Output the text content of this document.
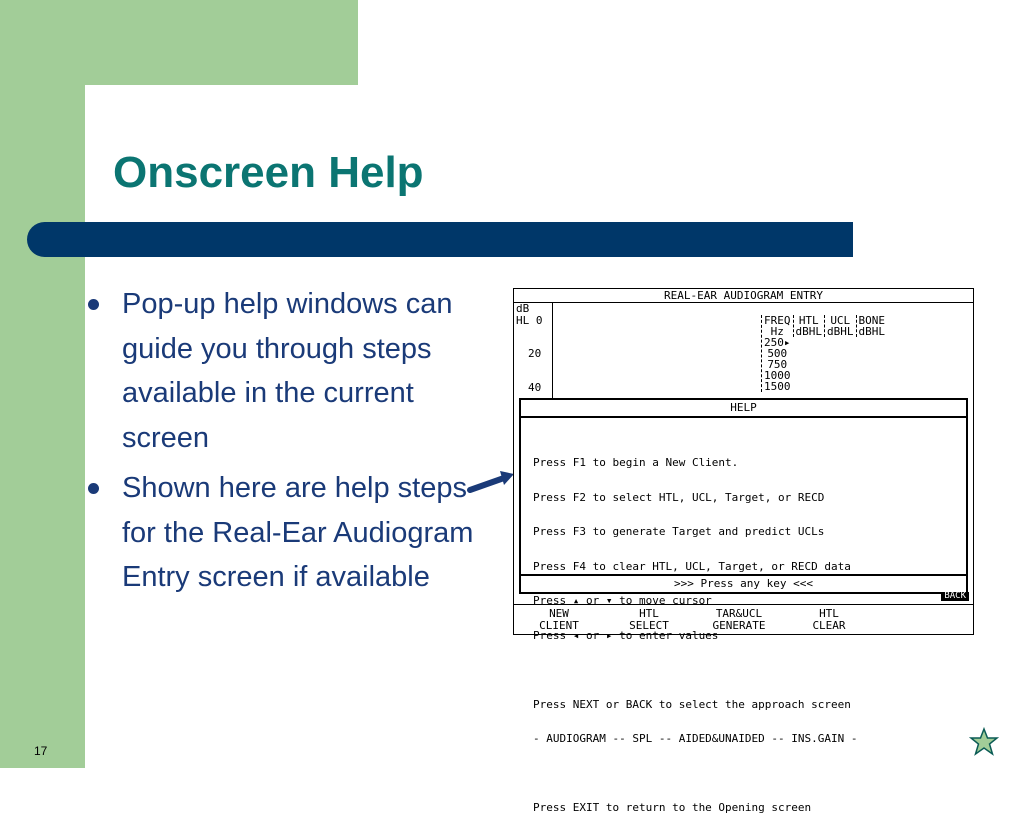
Onscreen Help
Pop-up help windows can guide you through steps available in the current screen
Shown here are help steps for the Real-Ear Audiogram Entry screen if available
REAL-EAR AUDIOGRAM ENTRY
dB
HL 0
20
40
FREQ
Hz
250▸
500
750
1000
1500
HTL
dBHL
UCL
dBHL
BONE
dBHL
HELP

Press F1 to begin a New Client.

Press F2 to select HTL, UCL, Target, or RECD

Press F3 to generate Target and predict UCLs

Press F4 to clear HTL, UCL, Target, or RECD data

Press ▴ or ▾ to move cursor

Press ◂ or ▸ to enter values

Press NEXT or BACK to select the approach screen

- AUDIOGRAM -- SPL -- AIDED&UNAIDED -- INS.GAIN -

Press EXIT to return to the Opening screen

>>> Press any key <<<
BACK
NEW
CLIENT
HTL
SELECT
TAR&UCL
GENERATE
HTL
CLEAR
17
